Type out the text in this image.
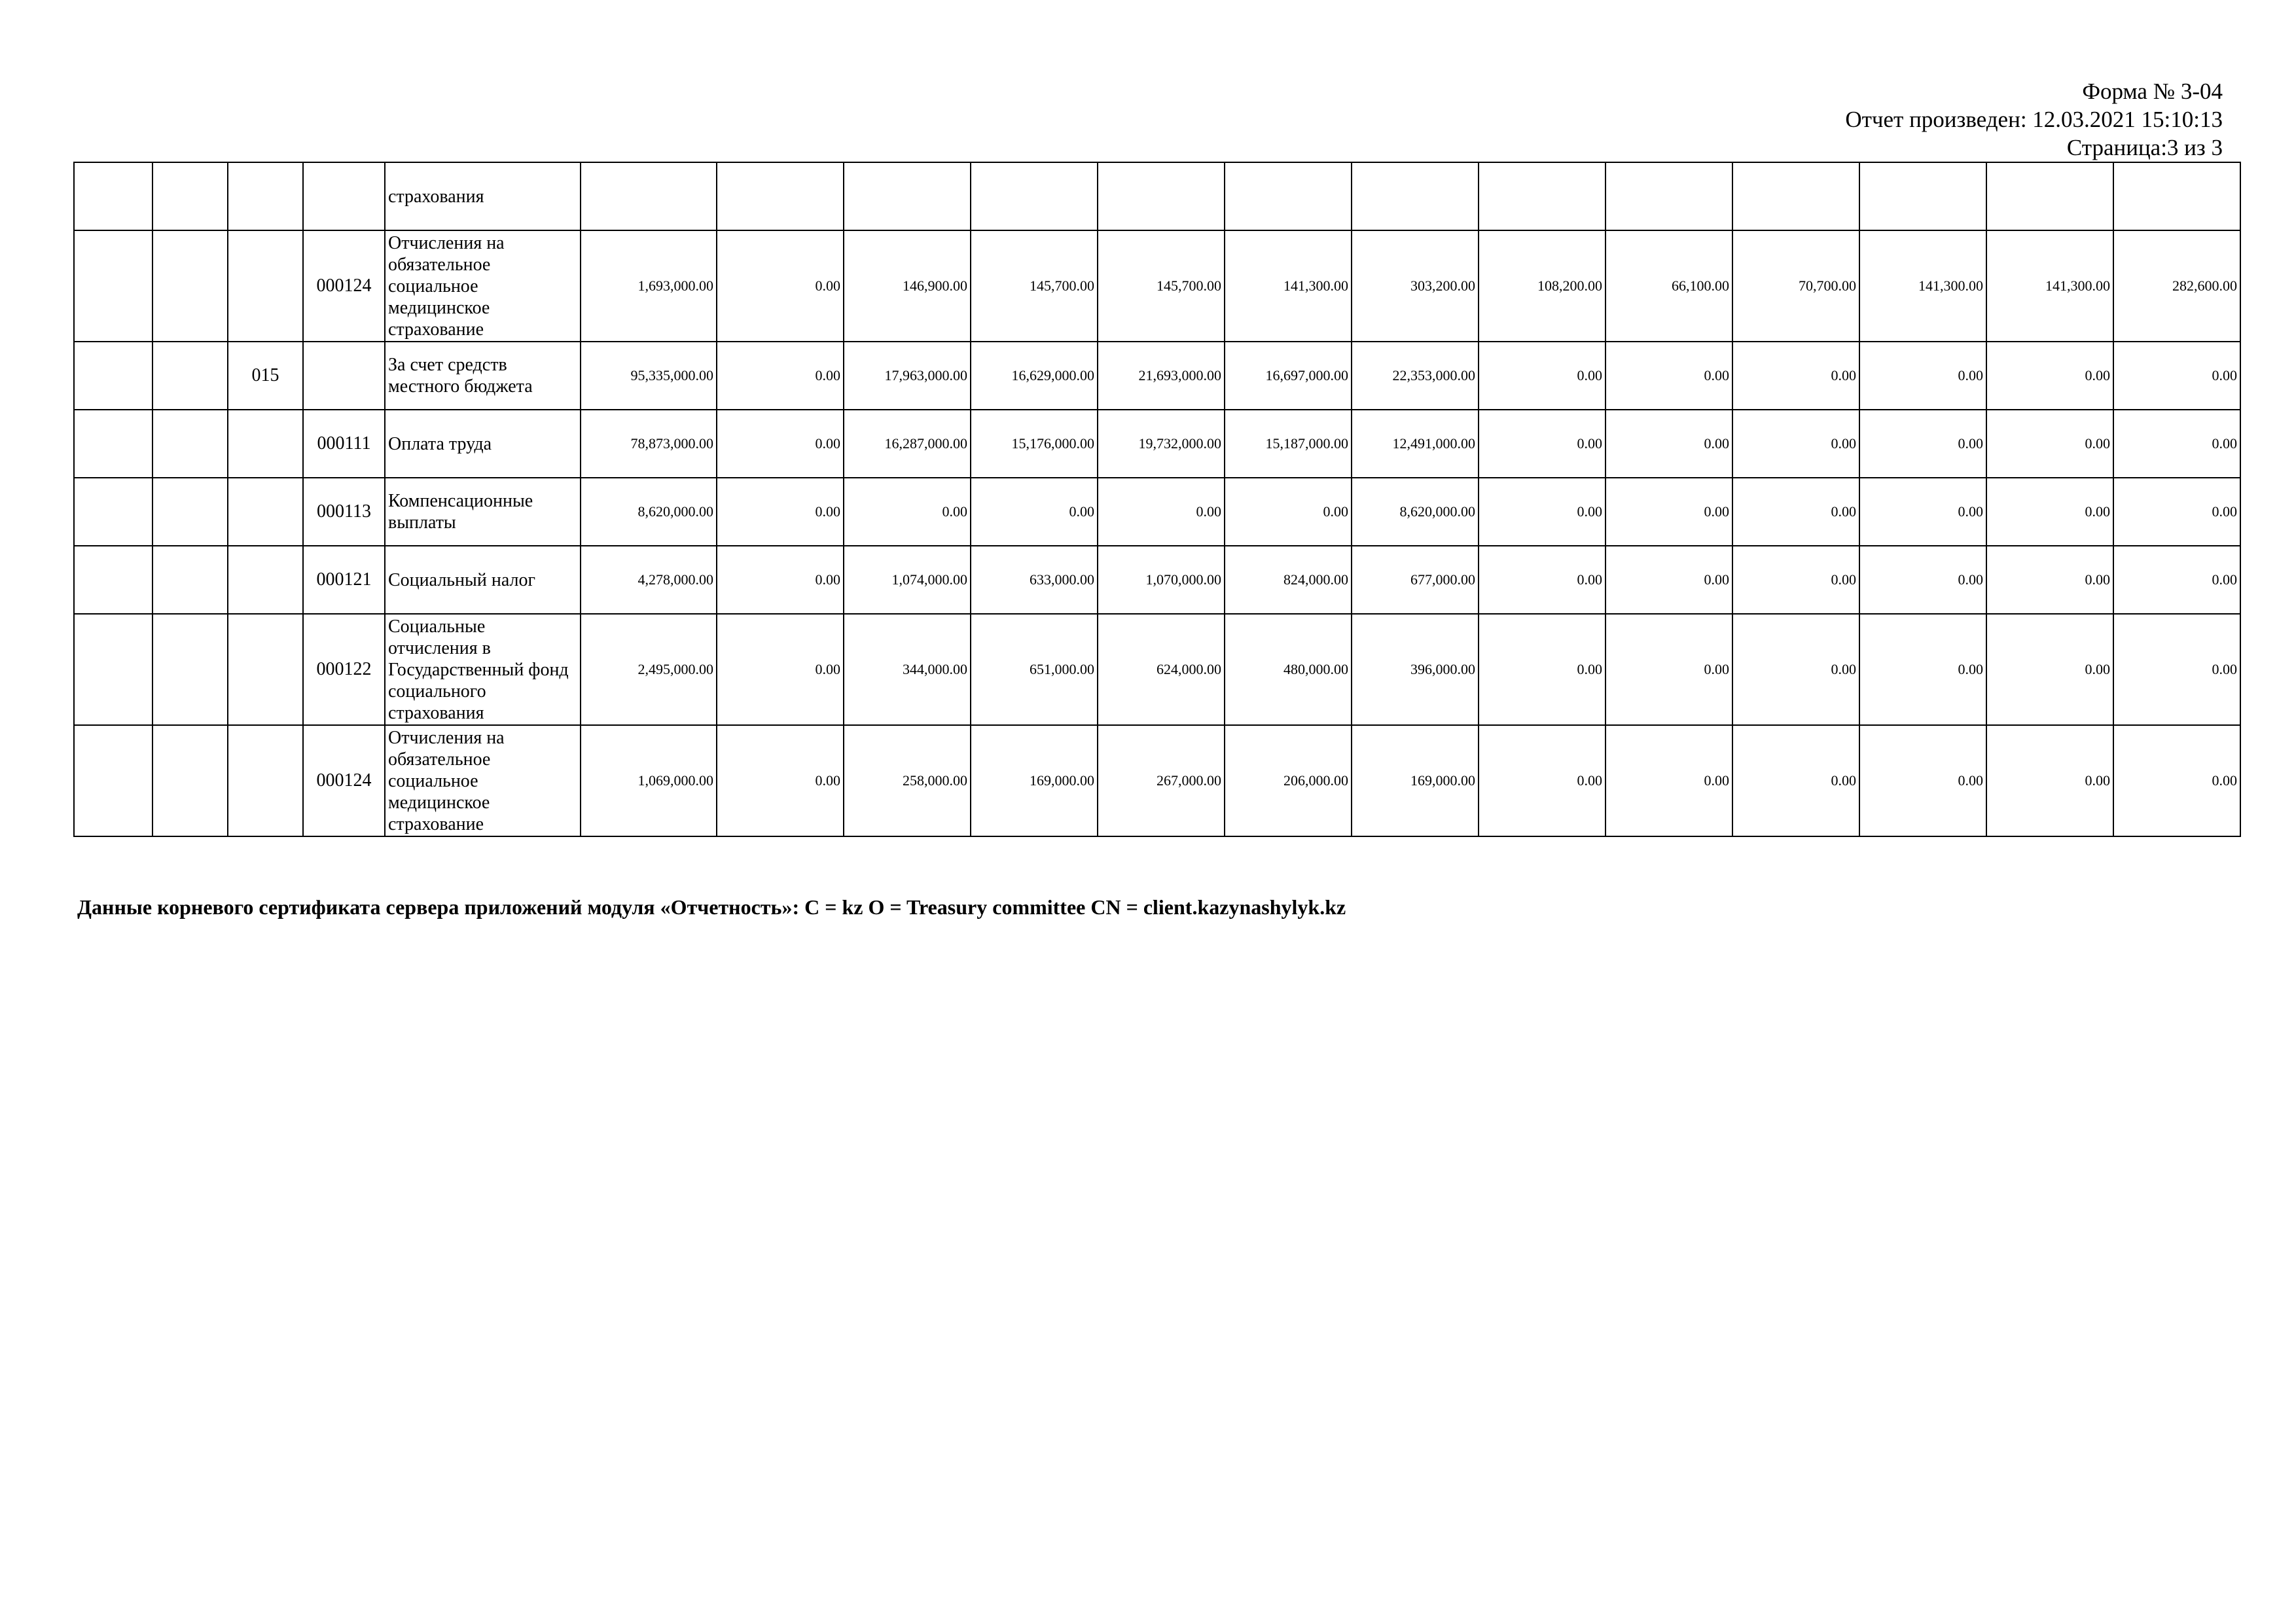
Форма № 3-04
Отчет произведен: 12.03.2021 15:10:13
Страница:3 из 3
				страхования													
			000124	Отчисления на обязательное социальное медицинское страхование	1,693,000.00	0.00	146,900.00	145,700.00	145,700.00	141,300.00	303,200.00	108,200.00	66,100.00	70,700.00	141,300.00	141,300.00	282,600.00
		015		За счет средств местного бюджета	95,335,000.00	0.00	17,963,000.00	16,629,000.00	21,693,000.00	16,697,000.00	22,353,000.00	0.00	0.00	0.00	0.00	0.00	0.00
			000111	Оплата труда	78,873,000.00	0.00	16,287,000.00	15,176,000.00	19,732,000.00	15,187,000.00	12,491,000.00	0.00	0.00	0.00	0.00	0.00	0.00
			000113	Компенсационные выплаты	8,620,000.00	0.00	0.00	0.00	0.00	0.00	8,620,000.00	0.00	0.00	0.00	0.00	0.00	0.00
			000121	Социальный налог	4,278,000.00	0.00	1,074,000.00	633,000.00	1,070,000.00	824,000.00	677,000.00	0.00	0.00	0.00	0.00	0.00	0.00
			000122	Социальные отчисления в Государственный фонд социального страхования	2,495,000.00	0.00	344,000.00	651,000.00	624,000.00	480,000.00	396,000.00	0.00	0.00	0.00	0.00	0.00	0.00
			000124	Отчисления на обязательное социальное медицинское страхование	1,069,000.00	0.00	258,000.00	169,000.00	267,000.00	206,000.00	169,000.00	0.00	0.00	0.00	0.00	0.00	0.00
Данные корневого сертификата сервера приложений модуля «Отчетность»: C = kz O = Treasury committee CN = client.kazynashylyk.kz
